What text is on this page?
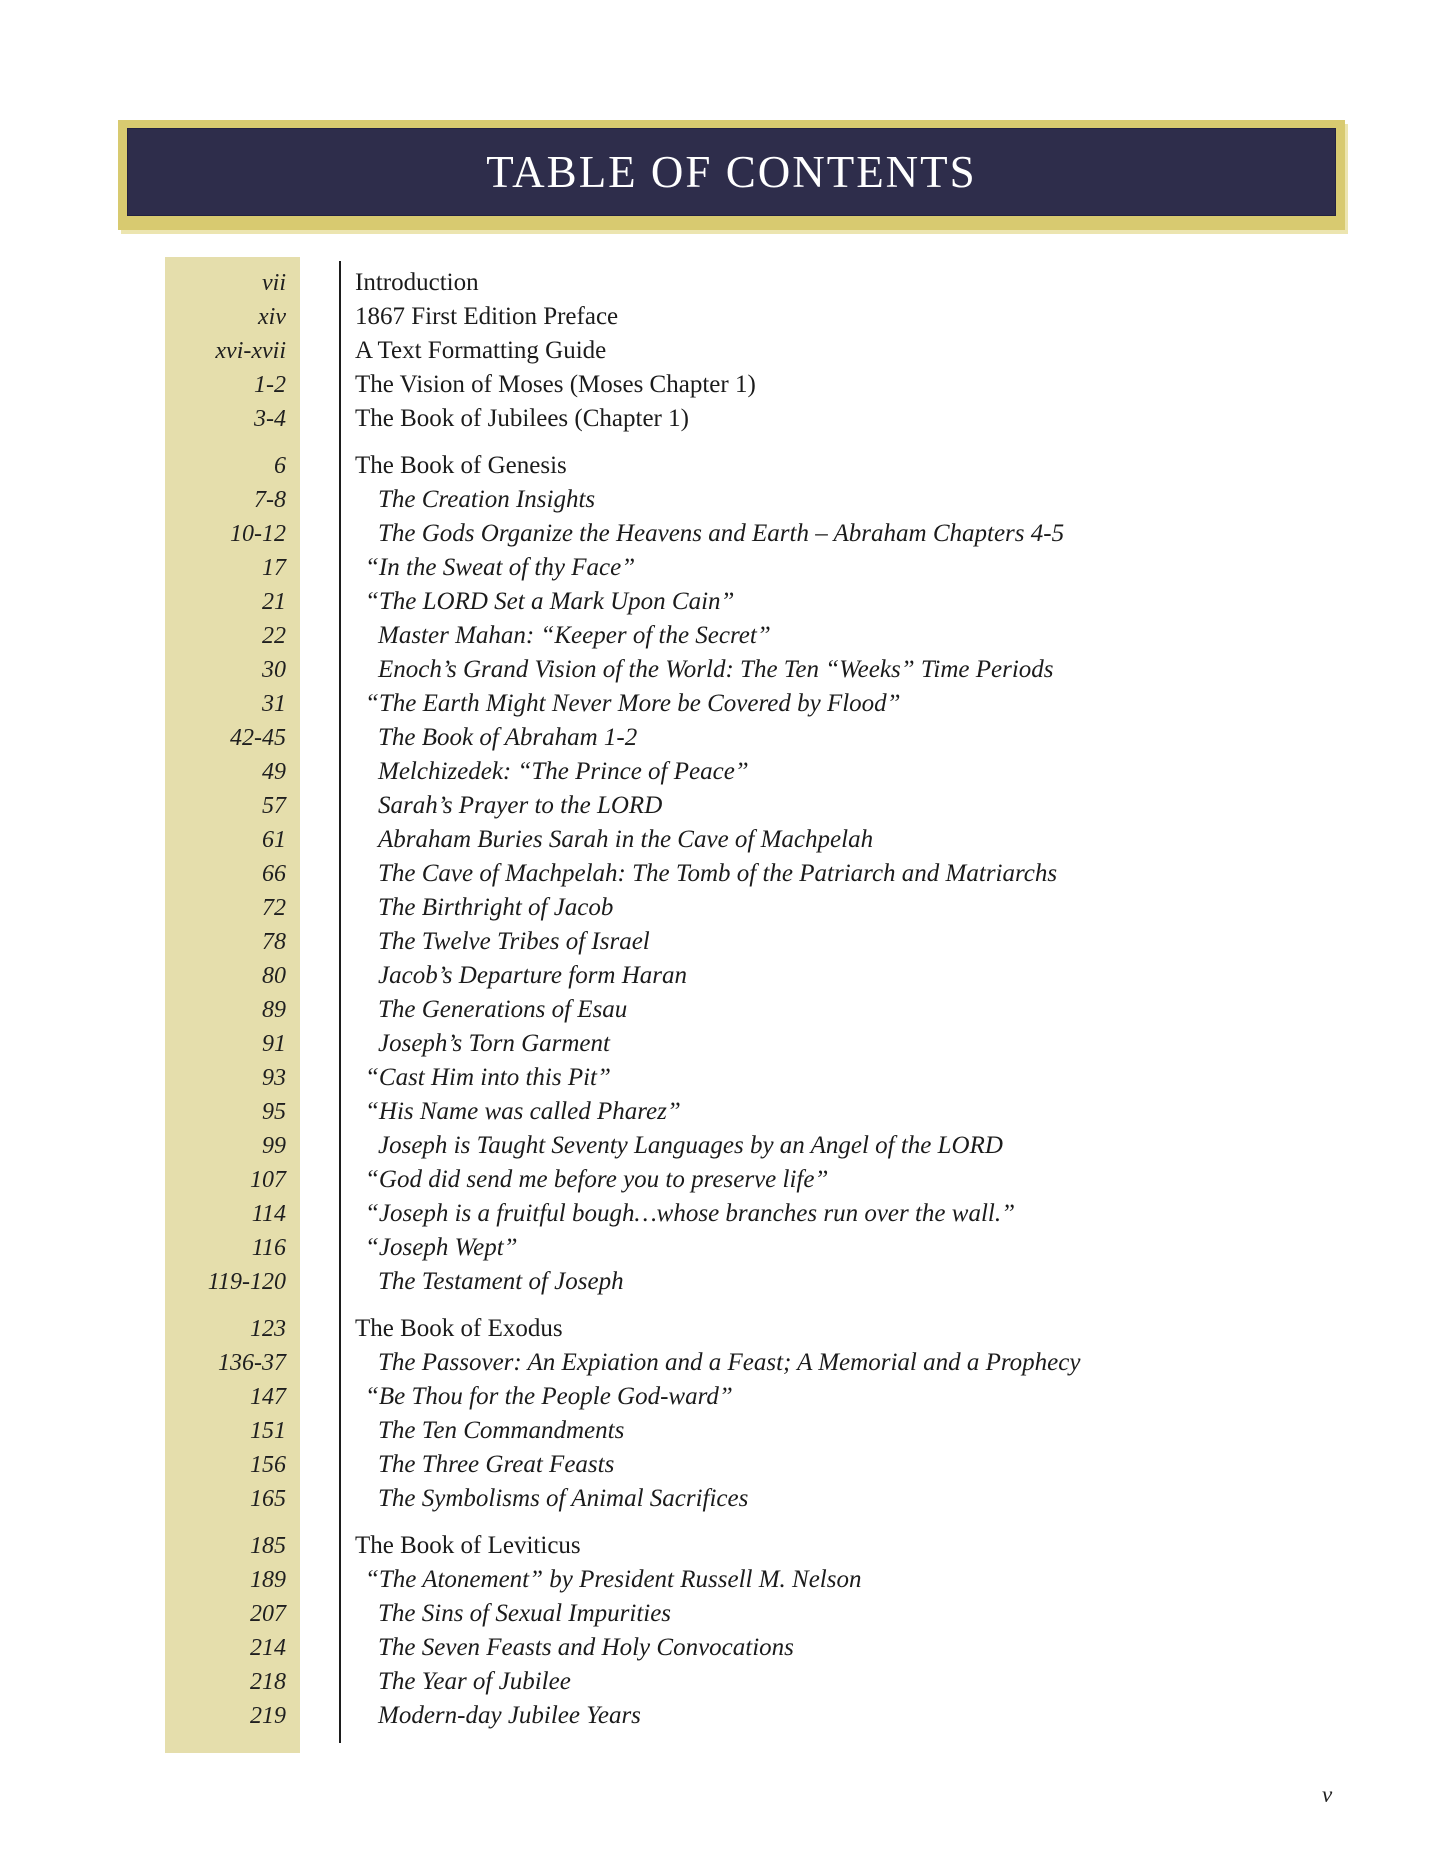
TABLE OF CONTENTS
vii	Introduction
xiv	1867 First Edition Preface
xvi-xvii	A Text Formatting Guide
1-2	The Vision of Moses (Moses Chapter 1)
3-4	The Book of Jubilees (Chapter 1)
6	The Book of Genesis
7-8	The Creation Insights
10-12	The Gods Organize the Heavens and Earth – Abraham Chapters 4-5
17	“In the Sweat of thy Face”
21	“The LORD Set a Mark Upon Cain”
22	Master Mahan: “Keeper of the Secret”
30	Enoch’s Grand Vision of the World: The Ten “Weeks” Time Periods
31	“The Earth Might Never More be Covered by Flood”
42-45	The Book of Abraham 1-2
49	Melchizedek: “The Prince of Peace”
57	Sarah’s Prayer to the LORD
61	Abraham Buries Sarah in the Cave of Machpelah
66	The Cave of Machpelah: The Tomb of the Patriarch and Matriarchs
72	The Birthright of Jacob
78	The Twelve Tribes of Israel
80	Jacob’s Departure form Haran
89	The Generations of Esau
91	Joseph’s Torn Garment
93	“Cast Him into this Pit”
95	“His Name was called Pharez”
99	Joseph is Taught Seventy Languages by an Angel of the LORD
107	“God did send me before you to preserve life”
114	“Joseph is a fruitful bough…whose branches run over the wall.”
116	“Joseph Wept”
119-120	The Testament of Joseph
123	The Book of Exodus
136-37	The Passover: An Expiation and a Feast; A Memorial and a Prophecy
147	“Be Thou for the People God-ward”
151	The Ten Commandments
156	The Three Great Feasts
165	The Symbolisms of Animal Sacrifices
185	The Book of Leviticus
189	“The Atonement” by President Russell M. Nelson
207	The Sins of Sexual Impurities
214	The Seven Feasts and Holy Convocations
218	The Year of Jubilee
219	Modern-day Jubilee Years
v
